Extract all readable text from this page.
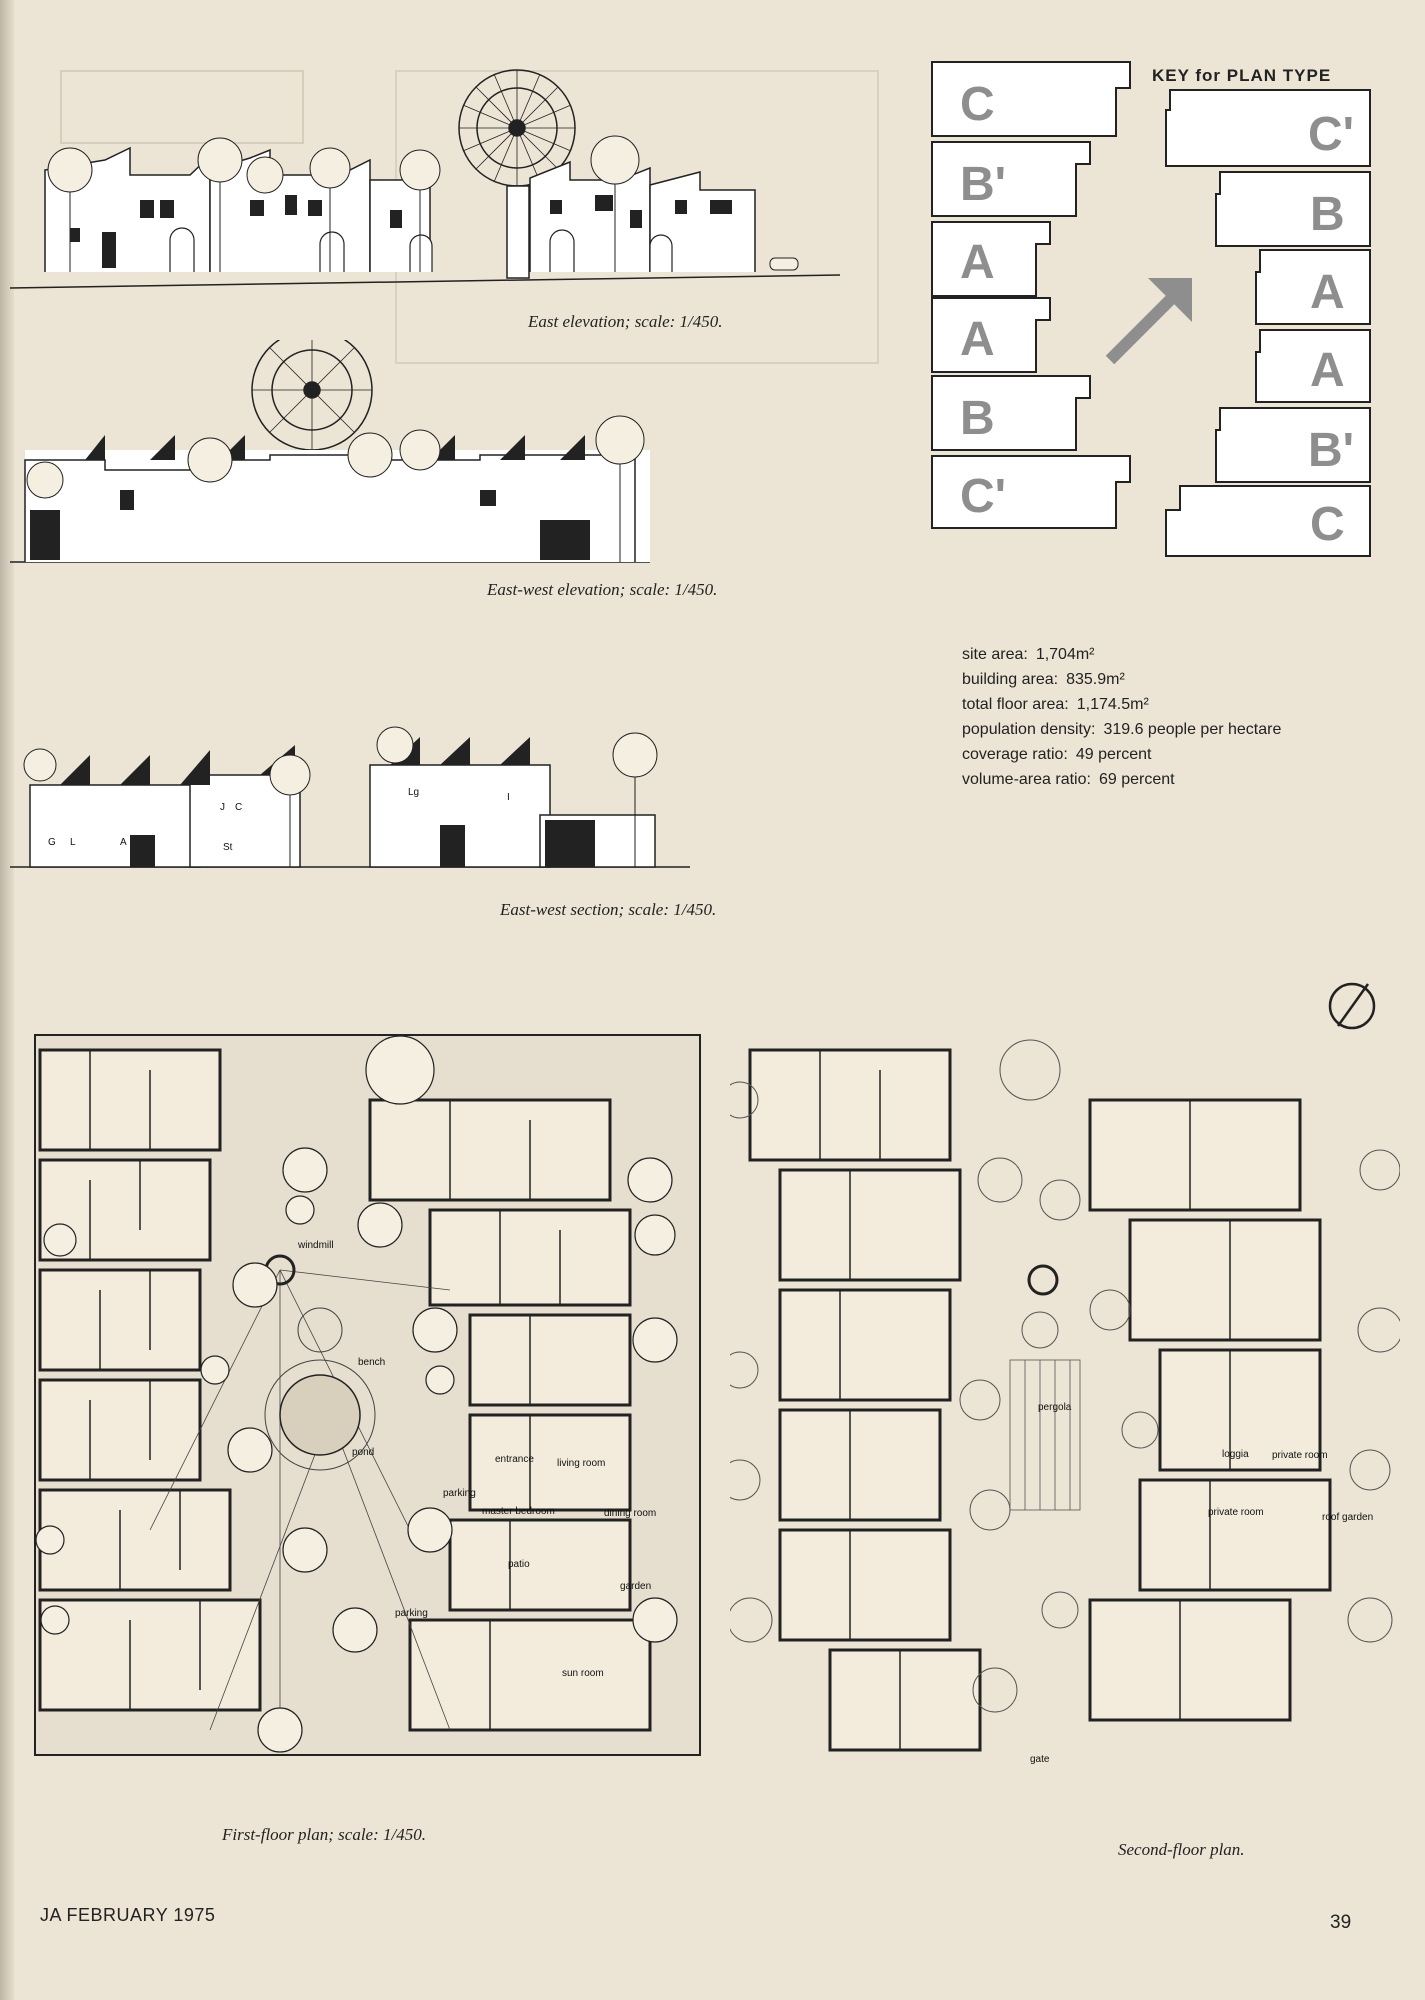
East elevation; scale: 1/450.
East-west elevation; scale: 1/450.
G L	A
J C
St
Lg	I
East-west section; scale: 1/450.
KEY for PLAN TYPE
C
B'
A
A
B
C'
C'
B
A
A
B'
C
site area: 1,704m²
building area: 835.9m²
total floor area: 1,174.5m²
population density: 319.6 people per hectare
coverage ratio: 49 percent
volume-area ratio: 69 percent
windmill
bench
pond
parking
parking
entrance living room
master bedroom	dining room
patio
garden
sun room
First-floor plan; scale: 1/450.
pergola
loggia private room
private room	roof garden
gate
Second-floor plan.
JA FEBRUARY 1975	39
